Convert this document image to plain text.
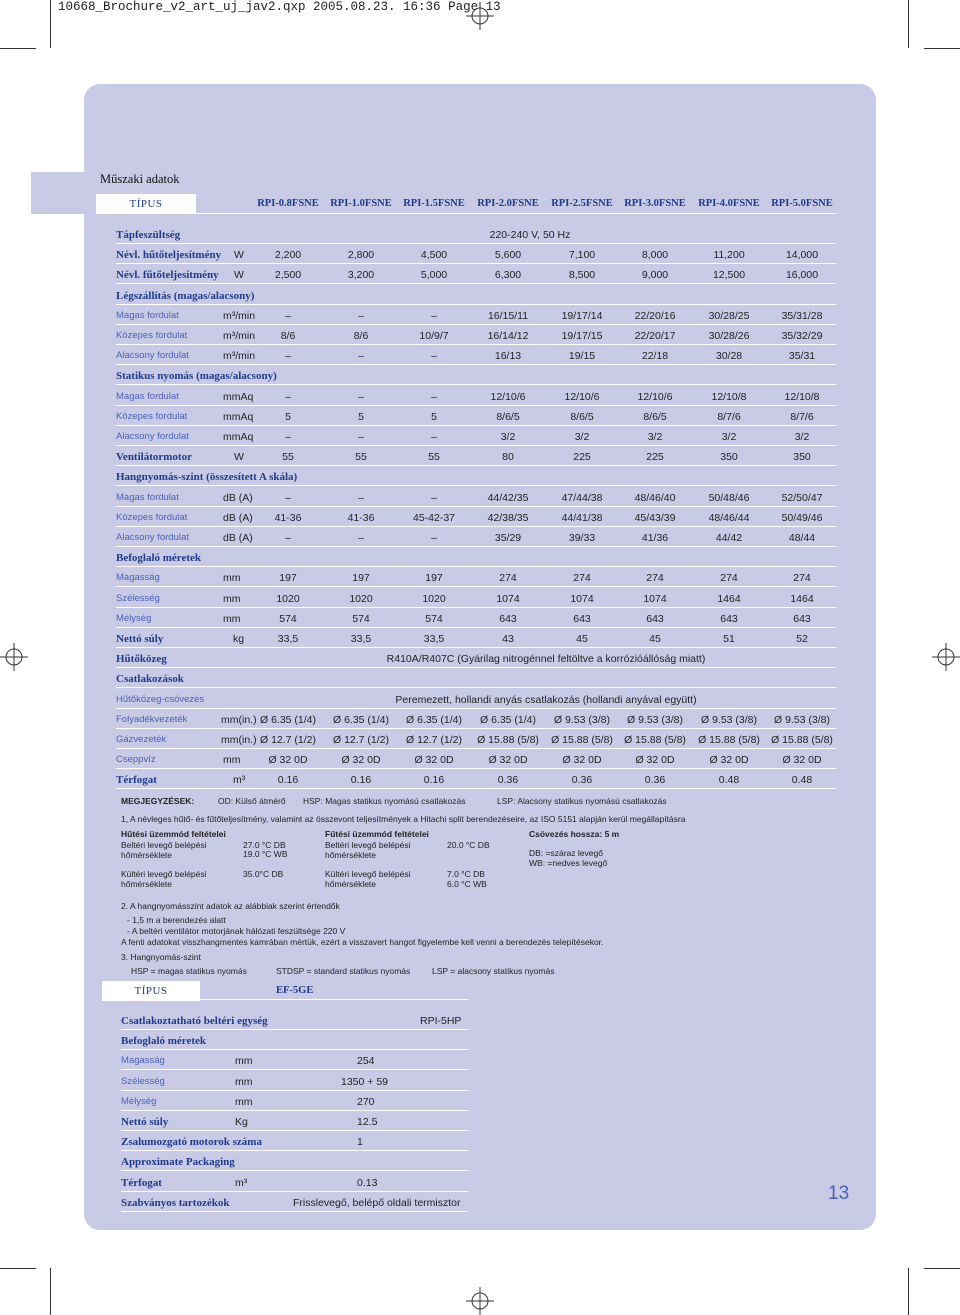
10668_Brochure_v2_art_uj_jav2.qxp 2005.08.23. 16:36 Page 13
Műszaki adatok
TÍPUS	RPI-0.8FSNE RPI-1.0FSNE RPI-1.5FSNE RPI-2.0FSNE RPI-2.5FSNE RPI-3.0FSNE RPI-4.0FSNE RPI-5.0FSNE
Tápfeszültség	220-240 V, 50 Hz
Névl. hűtőteljesítmény W	2,200	2,800	4,500	5,600	7,100	8,000	11,200	14,000
Névl. fűtőteljesítmény W	2,500	3,200	5,000	6,300	8,500	9,000	12,500	16,000
Légszállítás (magas/alacsony)
Magas fordulat	m³/min	–	–	–	16/15/11	19/17/14	22/20/16	30/28/25	35/31/28
Közepes fordulat	m³/min 8/6	8/6	10/9/7	16/14/12	19/17/15	22/20/17	30/28/26	35/32/29
Alacsony fordulat	m³/min	–	–	–	16/13	19/15	22/18	30/28	35/31
Statikus nyomás (magas/alacsony)
Magas fordulat	mmAq	–	–	–	12/10/6	12/10/6	12/10/6	12/10/8	12/10/8
Közepes fordulat	mmAq	5	5	5	8/6/5	8/6/5	8/6/5	8/7/6	8/7/6
Alacsony fordulat	mmAq	–	–	–	3/2	3/2	3/2	3/2	3/2
Ventilátormotor	W	55	55	55	80	225	225	350	350
Hangnyomás-szint (összesített A skála)
Magas fordulat	dB (A)	–	–	–	44/42/35	47/44/38	48/46/40	50/48/46	52/50/47
Közepes fordulat	dB (A) 41-36	41-36	45-42-37	42/38/35	44/41/38	45/43/39	48/46/44	50/49/46
Alacsony fordulat	dB (A)	–	–	–	35/29	39/33	41/36	44/42	48/44
Befoglaló méretek
Magasság	mm	197	197	197	274	274	274	274	274
Szélesség	mm	1020	1020	1020	1074	1074	1074	1464	1464
Mélység	mm	574	574	574	643	643	643	643	643
Nettó súly	kg	33,5	33,5	33,5	43	45	45	51	52
Hűtőközeg	R410A/R407C (Gyárilag nitrogénnel feltöltve a korrózióállóság miatt)
Csatlakozások
Hűtőközeg-csövezés	Peremezett, hollandi anyás csatlakozás (hollandi anyával együtt)
Folyadékvezeték	mm(in.) Ø 6.35 (1/4) Ø 6.35 (1/4) Ø 6.35 (1/4) Ø 6.35 (1/4) Ø 9.53 (3/8) Ø 9.53 (3/8) Ø 9.53 (3/8) Ø 9.53 (3/8)
Gázvezeték	mm(in.) Ø 12.7 (1/2) Ø 12.7 (1/2) Ø 12.7 (1/2) Ø 15.88 (5/8) Ø 15.88 (5/8) Ø 15.88 (5/8) Ø 15.88 (5/8) Ø 15.88 (5/8)
Cseppvíz	mm	Ø 32 0D	Ø 32 0D	Ø 32 0D	Ø 32 0D	Ø 32 0D	Ø 32 0D	Ø 32 0D	Ø 32 0D
Térfogat	m³	0.16	0.16	0.16	0.36	0.36	0.36	0.48	0.48
MEGJEGYZÉSEK:	OD: Külső átmérő HSP: Magas statikus nyomású csatlakozás	LSP: Alacsony statikus nyomású csatlakozás
1, A névleges hűtő- és fűtőteljesítmény, valamint az összevont teljesítmények a Hitachi split berendezéseire, az ISO 5151 alapján kerül megállapításra
Hűtési üzemmód feltételei	Fűtési üzemmód feltételei	Csövezés hossza: 5 m
Beltéri levegő belépési hőmérséklete
27.0 °C DB
19.0 °C WB
Beltéri levegő belépési hőmérséklete
20.0 °C DB
DB: =száraz levegő
WB: =nedves levegő
Kültéri levegő belépési hőmérséklete
35.0°C DB	Kültéri levegő belépési hőmérséklete
7.0 °C DB
6.0 °C WB
2. A hangnyomásszint adatok az alábbiak szerint értendők
- 1,5 m a berendezés alatt
- A beltéri ventilátor motorjának hálózati feszültsége 220 V
A fenti adatokat visszhangmentes kamrában mértük, ezért a visszavert hangot figyelembe kell venni a berendezés telepítésekor.
3. Hangnyomás-szint
HSP = magas statikus nyomás	STDSP = standard statikus nyomás	LSP = alacsony statikus nyomás
TÍPUS	EF-5GE
Csatlakoztatható beltéri egység	RPI-5HP
Befoglaló méretek
Magasság	mm	254
Szélesség	mm	1350 + 59
Mélység	mm	270
Nettó súly	Kg	12.5
Zsalumozgató motorok száma	1
Approximate Packaging
Térfogat	m³	0.13
Szabványos tartozékok	Frisslevegő, belépő oldali termisztor	13
